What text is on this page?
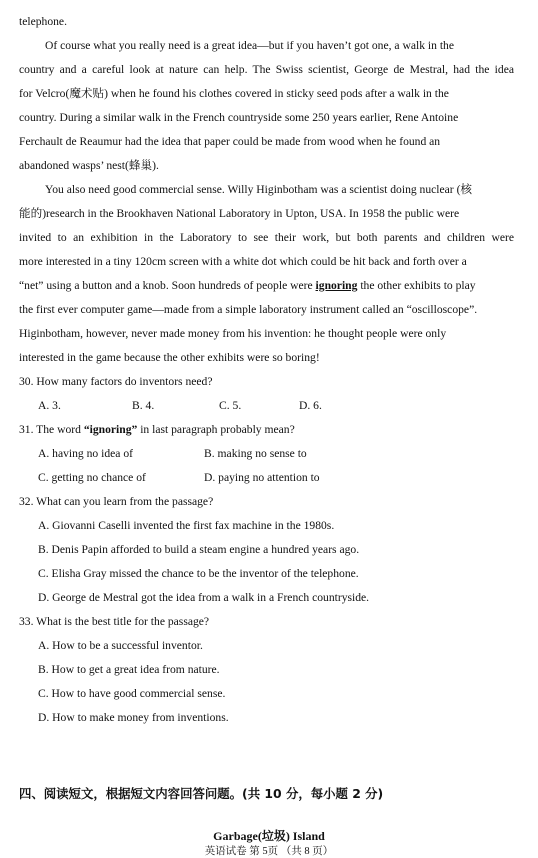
telephone.
Of course what you really need is a great idea—but if you haven’t got one, a walk in the
country and a careful look at nature can help. The Swiss scientist, George de Mestral, had the idea
for Velcro(魔术贴) when he found his clothes covered in sticky seed pods after a walk in the
country. During a similar walk in the French countryside some 250 years earlier, Rene Antoine
Ferchault de Reaumur had the idea that paper could be made from wood when he found an
abandoned wasps’ nest(蜂巢).
You also need good commercial sense. Willy Higinbotham was a scientist doing nuclear (核
能的)research in the Brookhaven National Laboratory in Upton, USA. In 1958 the public were
invited to an exhibition in the Laboratory to see their work, but both parents and children were
more interested in a tiny 120cm screen with a white dot which could be hit back and forth over a
“net” using a button and a knob. Soon hundreds of people were ignoring the other exhibits to play
the first ever computer game—made from a simple laboratory instrument called an “oscilloscope”.
Higinbotham, however, never made money from his invention: he thought people were only
interested in the game because the other exhibits were so boring!
30. How many factors do inventors need?
A. 3.	B. 4.	C. 5.	D. 6.
31. The word “ignoring” in last paragraph probably mean?
A. having no idea of	B. making no sense to
C. getting no chance of	D. paying no attention to
32. What can you learn from the passage?
A. Giovanni Caselli invented the first fax machine in the 1980s.
B. Denis Papin afforded to build a steam engine a hundred years ago.
C. Elisha Gray missed the chance to be the inventor of the telephone.
D. George de Mestral got the idea from a walk in a French countryside.
33. What is the best title for the passage?
A. How to be a successful inventor.
B. How to get a great idea from nature.
C. How to have good commercial sense.
D. How to make money from inventions.
四、阅读短文，根据短文内容回答问题。(共 10 分，每小题 2 分)
Garbage(垃圾) Island
英语试卷 第 5页 （共 8 页）
